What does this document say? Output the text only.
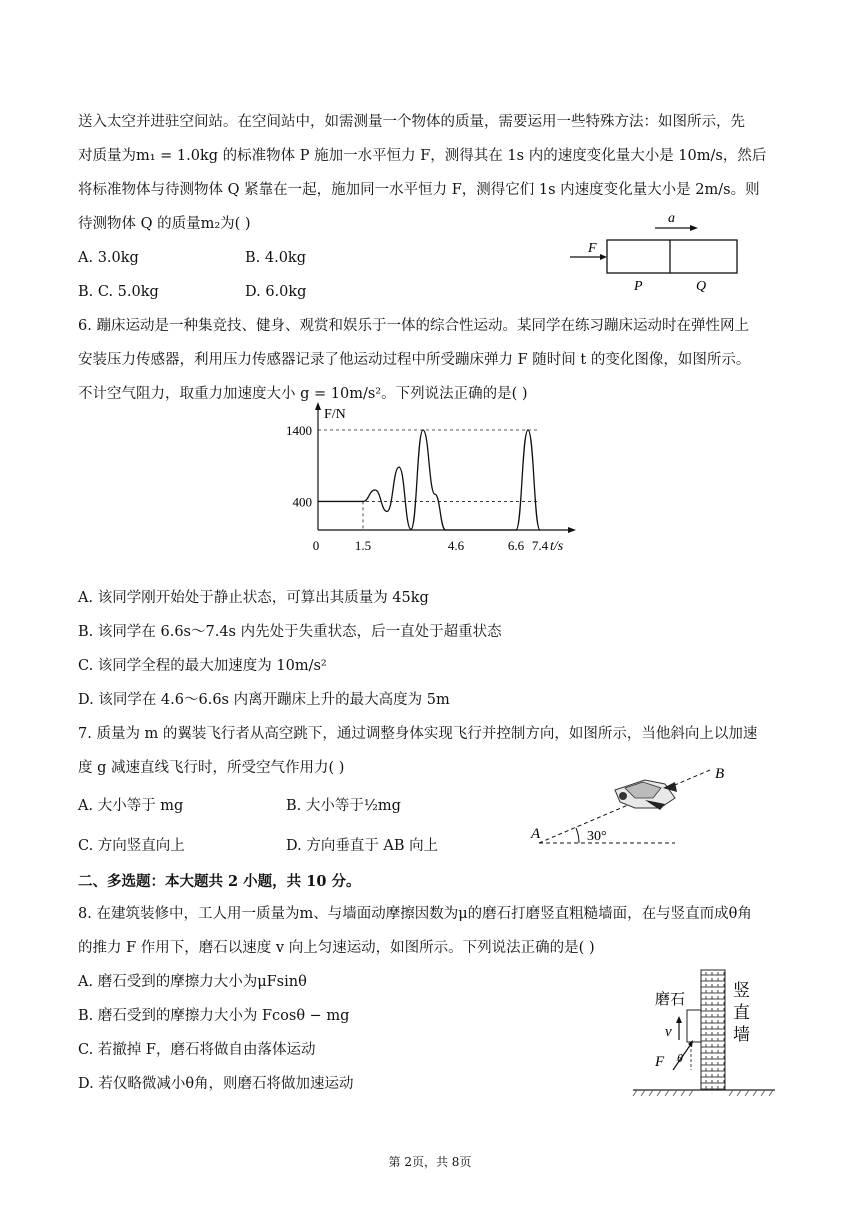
送入太空并进驻空间站。在空间站中，如需测量一个物体的质量，需要运用一些特殊方法：如图所示，先
对质量为m₁ = 1.0kg 的标准物体 P 施加一水平恒力 F，测得其在 1s 内的速度变化量大小是 10m/s，然后
将标准物体与待测物体 Q 紧靠在一起，施加同一水平恒力 F，测得它们 1s 内速度变化量大小是 2m/s。则
待测物体 Q 的质量m₂为( )
A. 3.0kg	B. 4.0kg
B. C. 5.0kg	D. 6.0kg
a
F
P	Q
6. 蹦床运动是一种集竞技、健身、观赏和娱乐于一体的综合性运动。某同学在练习蹦床运动时在弹性网上
安装压力传感器，利用压力传感器记录了他运动过程中所受蹦床弹力 F 随时间 t 的变化图像，如图所示。
不计空气阻力，取重力加速度大小 g = 10m/s²。下列说法正确的是( )
F/N
t/s
1400
400
0	1.5	4.6	6.6 7.4
A. 该同学刚开始处于静止状态，可算出其质量为 45kg
B. 该同学在 6.6s～7.4s 内先处于失重状态，后一直处于超重状态
C. 该同学全程的最大加速度为 10m/s²
D. 该同学在 4.6～6.6s 内离开蹦床上升的最大高度为 5m
7. 质量为 m 的翼装飞行者从高空跳下，通过调整身体实现飞行并控制方向，如图所示，当他斜向上以加速
度 g 减速直线飞行时，所受空气作用力( )
A. 大小等于 mg	B. 大小等于½mg
C. 方向竖直向上	D. 方向垂直于 AB 向上
A
B
30°
二、多选题：本大题共 2 小题，共 10 分。
8. 在建筑装修中，工人用一质量为m、与墙面动摩擦因数为μ的磨石打磨竖直粗糙墙面，在与竖直而成θ角
的推力 F 作用下，磨石以速度 v 向上匀速运动，如图所示。下列说法正确的是( )
A. 磨石受到的摩擦力大小为μFsinθ
B. 磨石受到的摩擦力大小为 Fcosθ − mg
C. 若撤掉 F，磨石将做自由落体运动
D. 若仅略微减小θ角，则磨石将做加速运动
磨石	竖
直
墙
v
F θ
第 2页，共 8页
